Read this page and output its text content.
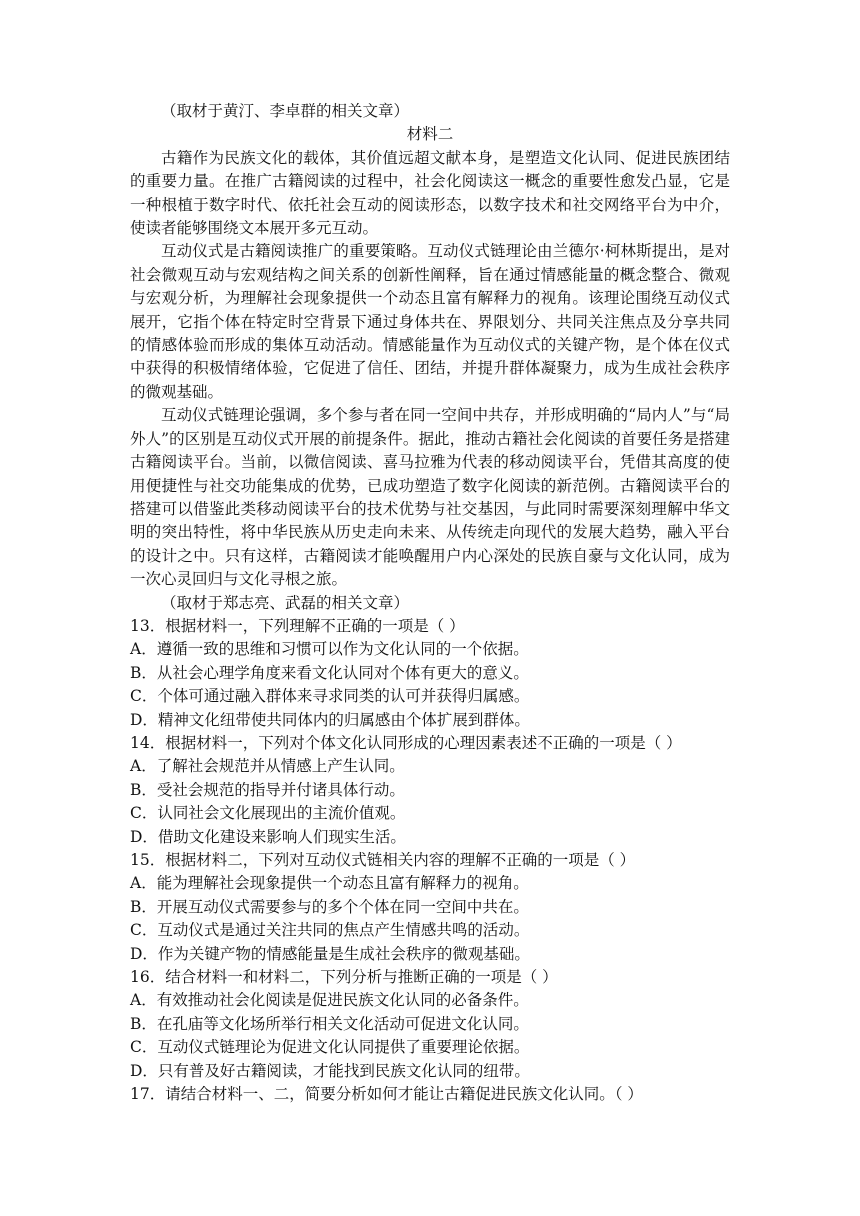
（取材于黄汀、李卓群的相关文章）

材料二

古籍作为民族文化的载体，其价值远超文献本身，是塑造文化认同、促进民族团结的重要力量。在推广古籍阅读的过程中，社会化阅读这一概念的重要性愈发凸显，它是一种根植于数字时代、依托社会互动的阅读形态，以数字技术和社交网络平台为中介，使读者能够围绕文本展开多元互动。

互动仪式是古籍阅读推广的重要策略。互动仪式链理论由兰德尔·柯林斯提出，是对社会微观互动与宏观结构之间关系的创新性阐释，旨在通过情感能量的概念整合、微观与宏观分析，为理解社会现象提供一个动态且富有解释力的视角。该理论围绕互动仪式展开，它指个体在特定时空背景下通过身体共在、界限划分、共同关注焦点及分享共同的情感体验而形成的集体互动活动。情感能量作为互动仪式的关键产物，是个体在仪式中获得的积极情绪体验，它促进了信任、团结，并提升群体凝聚力，成为生成社会秩序的微观基础。

互动仪式链理论强调，多个参与者在同一空间中共存，并形成明确的“局内人”与“局外人”的区别是互动仪式开展的前提条件。据此，推动古籍社会化阅读的首要任务是搭建古籍阅读平台。当前，以微信阅读、喜马拉雅为代表的移动阅读平台，凭借其高度的使用便捷性与社交功能集成的优势，已成功塑造了数字化阅读的新范例。古籍阅读平台的搭建可以借鉴此类移动阅读平台的技术优势与社交基因，与此同时需要深刻理解中华文明的突出特性，将中华民族从历史走向未来、从传统走向现代的发展大趋势，融入平台的设计之中。只有这样，古籍阅读才能唤醒用户内心深处的民族自豪与文化认同，成为一次心灵回归与文化寻根之旅。

（取材于郑志亮、武磊的相关文章）

13．根据材料一，下列理解不正确的一项是（ ）

A．遵循一致的思维和习惯可以作为文化认同的一个依据。

B．从社会心理学角度来看文化认同对个体有更大的意义。

C．个体可通过融入群体来寻求同类的认可并获得归属感。

D．精神文化纽带使共同体内的归属感由个体扩展到群体。

14．根据材料一，下列对个体文化认同形成的心理因素表述不正确的一项是（ ）

A．了解社会规范并从情感上产生认同。

B．受社会规范的指导并付诸具体行动。

C．认同社会文化展现出的主流价值观。

D．借助文化建设来影响人们现实生活。

15．根据材料二，下列对互动仪式链相关内容的理解不正确的一项是（ ）

A．能为理解社会现象提供一个动态且富有解释力的视角。

B．开展互动仪式需要参与的多个个体在同一空间中共在。

C．互动仪式是通过关注共同的焦点产生情感共鸣的活动。

D．作为关键产物的情感能量是生成社会秩序的微观基础。

16．结合材料一和材料二，下列分析与推断正确的一项是（ ）

A．有效推动社会化阅读是促进民族文化认同的必备条件。

B．在孔庙等文化场所举行相关文化活动可促进文化认同。

C．互动仪式链理论为促进文化认同提供了重要理论依据。

D．只有普及好古籍阅读，才能找到民族文化认同的纽带。

17．请结合材料一、二，简要分析如何才能让古籍促进民族文化认同。（ ）
